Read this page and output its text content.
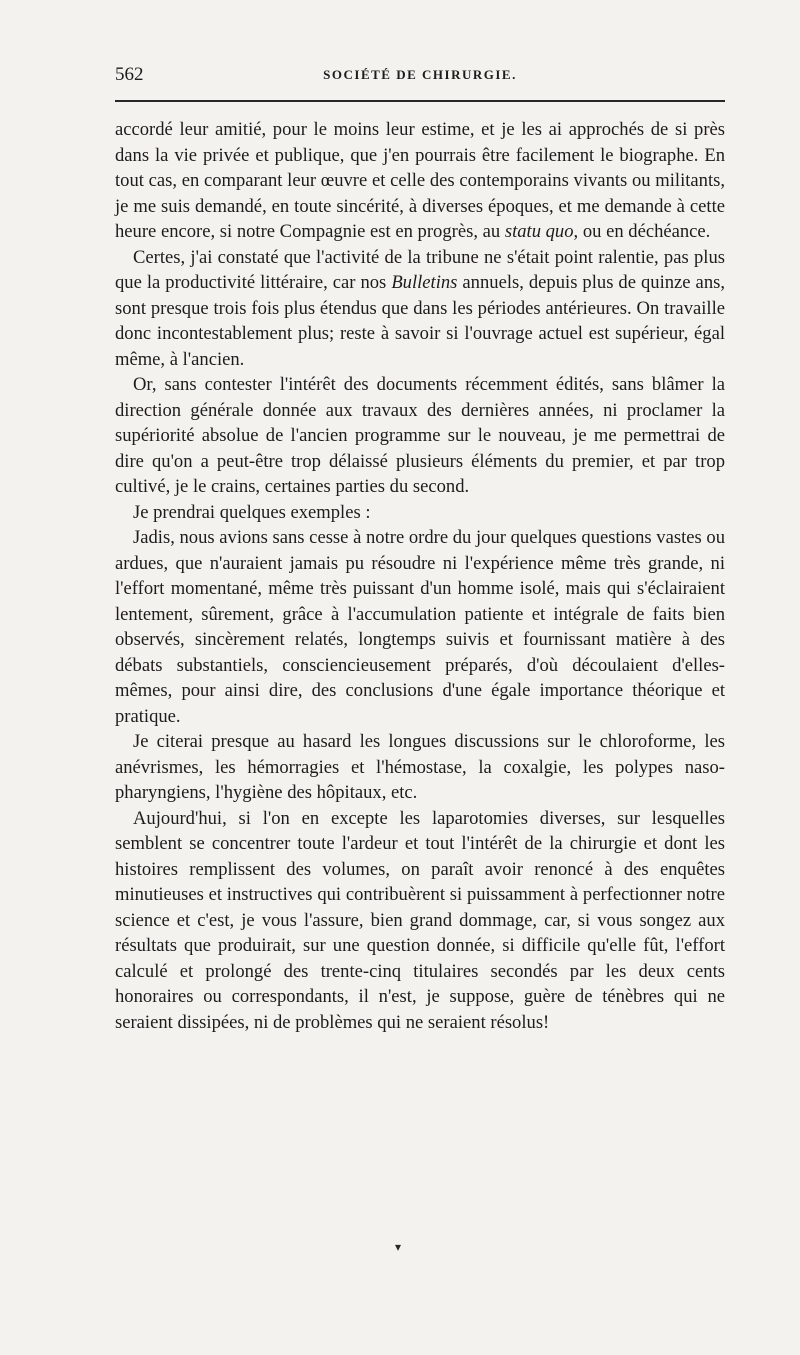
562	SOCIÉTÉ DE CHIRURGIE.

accordé leur amitié, pour le moins leur estime, et je les ai approchés de si près dans la vie privée et publique, que j'en pourrais être facilement le biographe. En tout cas, en comparant leur œuvre et celle des contemporains vivants ou militants, je me suis demandé, en toute sincérité, à diverses époques, et me demande à cette heure encore, si notre Compagnie est en progrès, au statu quo, ou en déchéance.

Certes, j'ai constaté que l'activité de la tribune ne s'était point ralentie, pas plus que la productivité littéraire, car nos Bulletins annuels, depuis plus de quinze ans, sont presque trois fois plus étendus que dans les périodes antérieures. On travaille donc incontestablement plus; reste à savoir si l'ouvrage actuel est supérieur, égal même, à l'ancien.

Or, sans contester l'intérêt des documents récemment édités, sans blâmer la direction générale donnée aux travaux des dernières années, ni proclamer la supériorité absolue de l'ancien programme sur le nouveau, je me permettrai de dire qu'on a peut-être trop délaissé plusieurs éléments du premier, et par trop cultivé, je le crains, certaines parties du second.

Je prendrai quelques exemples :

Jadis, nous avions sans cesse à notre ordre du jour quelques questions vastes ou ardues, que n'auraient jamais pu résoudre ni l'expérience même très grande, ni l'effort momentané, même très puissant d'un homme isolé, mais qui s'éclairaient lentement, sûrement, grâce à l'accumulation patiente et intégrale de faits bien observés, sincèrement relatés, longtemps suivis et fournissant matière à des débats substantiels, consciencieusement préparés, d'où découlaient d'elles-mêmes, pour ainsi dire, des conclusions d'une égale importance théorique et pratique.

Je citerai presque au hasard les longues discussions sur le chloroforme, les anévrismes, les hémorragies et l'hémostase, la coxalgie, les polypes naso-pharyngiens, l'hygiène des hôpitaux, etc.

Aujourd'hui, si l'on en excepte les laparotomies diverses, sur lesquelles semblent se concentrer toute l'ardeur et tout l'intérêt de la chirurgie et dont les histoires remplissent des volumes, on paraît avoir renoncé à des enquêtes minutieuses et instructives qui contribuèrent si puissamment à perfectionner notre science et c'est, je vous l'assure, bien grand dommage, car, si vous songez aux résultats que produirait, sur une question donnée, si difficile qu'elle fût, l'effort calculé et prolongé des trente-cinq titulaires secondés par les deux cents honoraires ou correspondants, il n'est, je suppose, guère de ténèbres qui ne seraient dissipées, ni de problèmes qui ne seraient résolus!

▾
